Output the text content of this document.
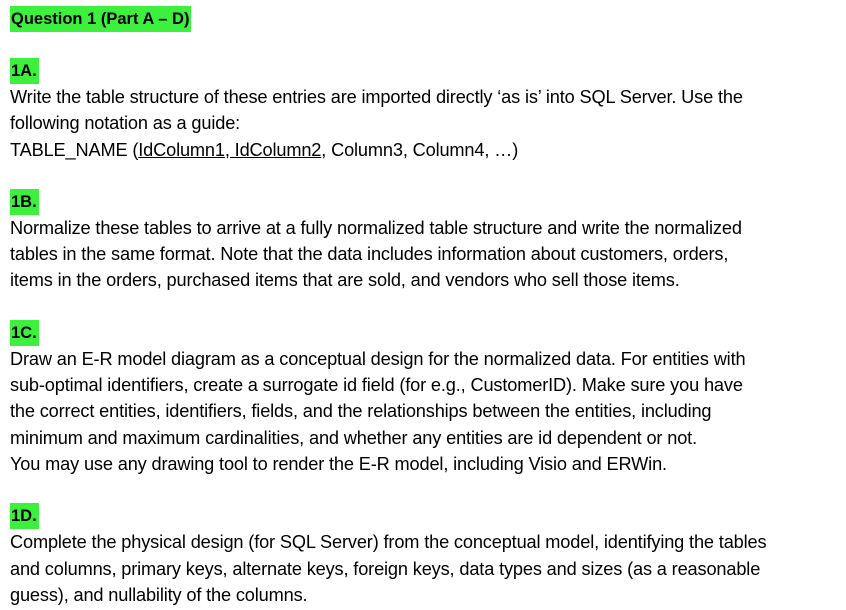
Question 1 (Part A – D)
1A.

Write the table structure of these entries are imported directly ‘as is’ into SQL Server. Use the

following notation as a guide:

TABLE_NAME (IdColumn1, IdColumn2, Column3, Column4, …)

1B.

Normalize these tables to arrive at a fully normalized table structure and write the normalized

tables in the same format. Note that the data includes information about customers, orders,

items in the orders, purchased items that are sold, and vendors who sell those items.

1C.

Draw an E-R model diagram as a conceptual design for the normalized data. For entities with

sub-optimal identifiers, create a surrogate id field (for e.g., CustomerID). Make sure you have

the correct entities, identifiers, fields, and the relationships between the entities, including

minimum and maximum cardinalities, and whether any entities are id dependent or not.

You may use any drawing tool to render the E-R model, including Visio and ERWin.

1D.

Complete the physical design (for SQL Server) from the conceptual model, identifying the tables

and columns, primary keys, alternate keys, foreign keys, data types and sizes (as a reasonable

guess), and nullability of the columns.
